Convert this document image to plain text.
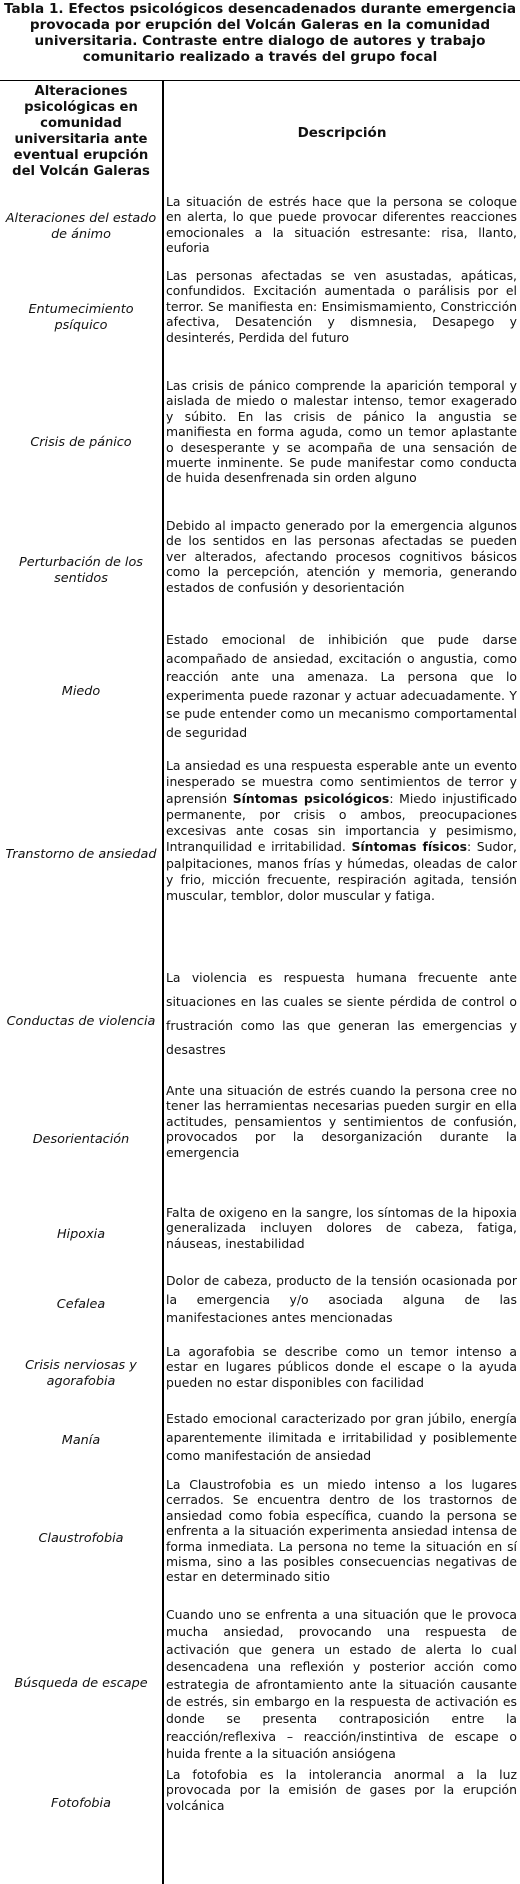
Tabla 1. Efectos psicológicos desencadenados durante emergencia provocada por erupción del Volcán Galeras en la comunidad universitaria. Contraste entre dialogo de autores y trabajo comunitario realizado a través del grupo focal
Alteraciones psicológicas en comunidad universitaria ante eventual erupción del Volcán Galeras
Descripción
Alteraciones del estado de ánimo
La situación de estrés hace que la persona se coloque en alerta, lo que puede provocar diferentes reacciones emocionales a la situación estresante: risa, llanto, euforia
Entumecimiento psíquico
Las personas afectadas se ven asustadas, apáticas, confundidos. Excitación aumentada o parálisis por el terror. Se manifiesta en: Ensimismamiento, Constricción afectiva, Desatención y dismnesia, Desapego y desinterés, Perdida del futuro
Crisis de pánico
Las crisis de pánico comprende la aparición temporal y aislada de miedo o malestar intenso, temor exagerado y súbito. En las crisis de pánico la angustia se manifiesta en forma aguda, como un temor aplastante o desesperante y se acompaña de una sensación de muerte inminente. Se pude manifestar como conducta de huida desenfrenada sin orden alguno
Perturbación de los sentidos
Debido al impacto generado por la emergencia algunos de los sentidos en las personas afectadas se pueden ver alterados, afectando procesos cognitivos básicos como la percepción, atención y memoria, generando estados de confusión y desorientación
Miedo
Estado emocional de inhibición que pude darse acompañado de ansiedad, excitación o angustia, como reacción ante una amenaza. La persona que lo experimenta puede razonar y actuar adecuadamente. Y se pude entender como un mecanismo comportamental de seguridad
Transtorno de ansiedad
La ansiedad es una respuesta esperable ante un evento inesperado se muestra como sentimientos de terror y aprensión Síntomas psicológicos: Miedo injustificado permanente, por crisis o ambos, preocupaciones excesivas ante cosas sin importancia y pesimismo, Intranquilidad e irritabilidad. Síntomas físicos: Sudor, palpitaciones, manos frías y húmedas, oleadas de calor y frio, micción frecuente, respiración agitada, tensión muscular, temblor, dolor muscular y fatiga.
Conductas de violencia
La violencia es respuesta humana frecuente ante situaciones en las cuales se siente pérdida de control o frustración como las que generan las emergencias y desastres
Desorientación
Ante una situación de estrés cuando la persona cree no tener las herramientas necesarias pueden surgir en ella actitudes, pensamientos y sentimientos de confusión, provocados por la desorganización durante la emergencia
Hipoxia
Falta de oxigeno en la sangre, los síntomas de la hipoxia generalizada incluyen dolores de cabeza, fatiga, náuseas, inestabilidad
Cefalea
Dolor de cabeza, producto de la tensión ocasionada por la emergencia y/o asociada alguna de las manifestaciones antes mencionadas
Crisis nerviosas y agorafobia
La agorafobia se describe como un temor intenso a estar en lugares públicos donde el escape o la ayuda pueden no estar disponibles con facilidad
Manía
Estado emocional caracterizado por gran júbilo, energía aparentemente ilimitada e irritabilidad y posiblemente como manifestación de ansiedad
Claustrofobia
La Claustrofobia es un miedo intenso a los lugares cerrados. Se encuentra dentro de los trastornos de ansiedad como fobia específica, cuando la persona se enfrenta a la situación experimenta ansiedad intensa de forma inmediata. La persona no teme la situación en sí misma, sino a las posibles consecuencias negativas de estar en determinado sitio
Búsqueda de escape
Cuando uno se enfrenta a una situación que le provoca mucha ansiedad, provocando una respuesta de activación que genera un estado de alerta lo cual desencadena una reflexión y posterior acción como estrategia de afrontamiento ante la situación causante de estrés, sin embargo en la respuesta de activación es donde se presenta contraposición entre la reacción/reflexiva – reacción/instintiva de escape o huida frente a la situación ansiógena
Fotofobia
La fotofobia es la intolerancia anormal a la luz provocada por la emisión de gases por la erupción volcánica
